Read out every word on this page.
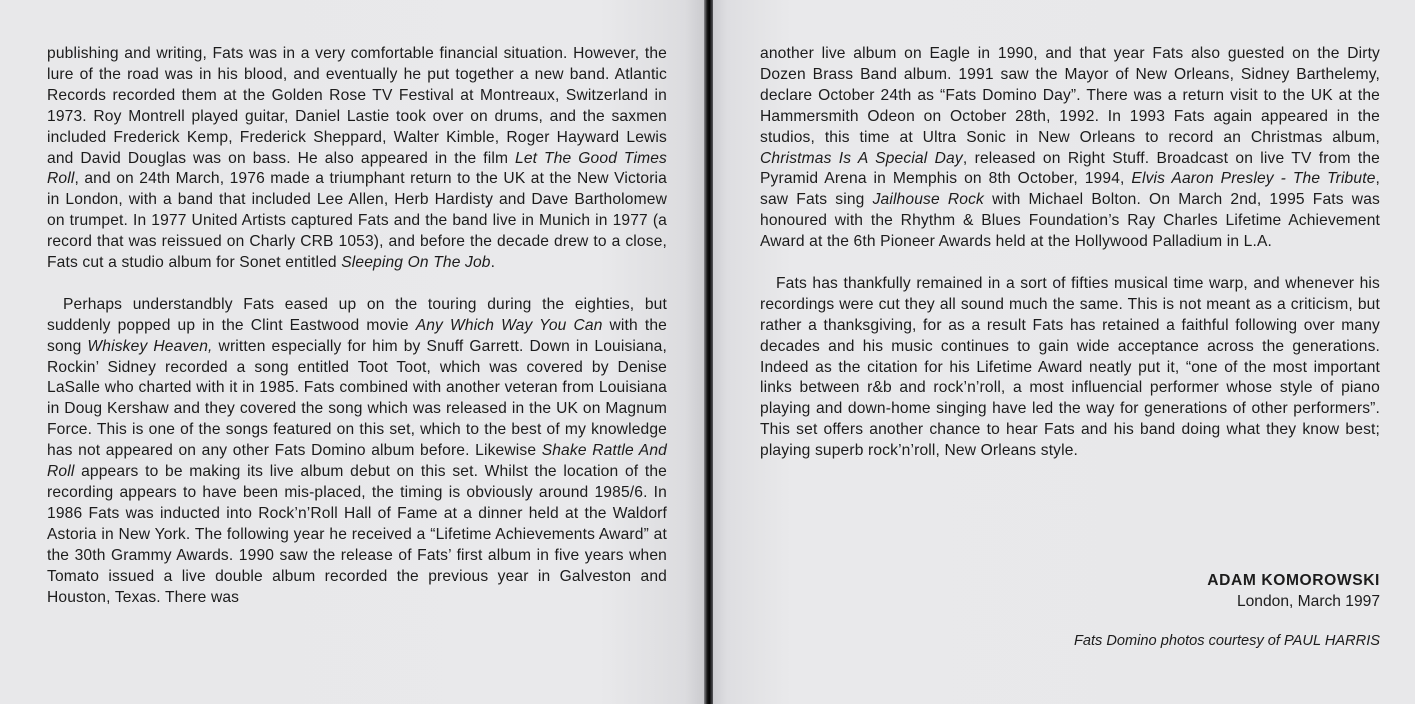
publishing and writing, Fats was in a very comfortable financial situation. However, the lure of the road was in his blood, and eventually he put together a new band. Atlantic Records recorded them at the Golden Rose TV Festival at Montreaux, Switzerland in 1973. Roy Montrell played guitar, Daniel Lastie took over on drums, and the saxmen included Frederick Kemp, Frederick Sheppard, Walter Kimble, Roger Hayward Lewis and David Douglas was on bass. He also appeared in the film Let The Good Times Roll, and on 24th March, 1976 made a triumphant return to the UK at the New Victoria in London, with a band that included Lee Allen, Herb Hardisty and Dave Bartholomew on trumpet. In 1977 United Artists captured Fats and the band live in Munich in 1977 (a record that was reissued on Charly CRB 1053), and before the decade drew to a close, Fats cut a studio album for Sonet entitled Sleeping On The Job.

Perhaps understandbly Fats eased up on the touring during the eighties, but suddenly popped up in the Clint Eastwood movie Any Which Way You Can with the song Whiskey Heaven, written especially for him by Snuff Garrett. Down in Louisiana, Rockin’ Sidney recorded a song entitled Toot Toot, which was covered by Denise LaSalle who charted with it in 1985. Fats combined with another veteran from Louisiana in Doug Kershaw and they covered the song which was released in the UK on Magnum Force. This is one of the songs featured on this set, which to the best of my knowledge has not appeared on any other Fats Domino album before. Likewise Shake Rattle And Roll appears to be making its live album debut on this set. Whilst the location of the recording appears to have been mis-placed, the timing is obviously around 1985/6. In 1986 Fats was inducted into Rock’n’Roll Hall of Fame at a dinner held at the Waldorf Astoria in New York. The following year he received a “Lifetime Achievements Award” at the 30th Grammy Awards. 1990 saw the release of Fats’ first album in five years when Tomato issued a live double album recorded the previous year in Galveston and Houston, Texas. There was

another live album on Eagle in 1990, and that year Fats also guested on the Dirty Dozen Brass Band album. 1991 saw the Mayor of New Orleans, Sidney Barthelemy, declare October 24th as “Fats Domino Day”. There was a return visit to the UK at the Hammersmith Odeon on October 28th, 1992. In 1993 Fats again appeared in the studios, this time at Ultra Sonic in New Orleans to record an Christmas album, Christmas Is A Special Day, released on Right Stuff. Broadcast on live TV from the Pyramid Arena in Memphis on 8th October, 1994, Elvis Aaron Presley - The Tribute, saw Fats sing Jailhouse Rock with Michael Bolton. On March 2nd, 1995 Fats was honoured with the Rhythm & Blues Foundation’s Ray Charles Lifetime Achievement Award at the 6th Pioneer Awards held at the Hollywood Palladium in L.A.

Fats has thankfully remained in a sort of fifties musical time warp, and whenever his recordings were cut they all sound much the same. This is not meant as a criticism, but rather a thanksgiving, for as a result Fats has retained a faithful following over many decades and his music continues to gain wide acceptance across the generations. Indeed as the citation for his Lifetime Award neatly put it, “one of the most important links between r&b and rock’n’roll, a most influencial performer whose style of piano playing and down-home singing have led the way for generations of other performers”. This set offers another chance to hear Fats and his band doing what they know best; playing superb rock’n’roll, New Orleans style.

ADAM KOMOROWSKI
London, March 1997
Fats Domino photos courtesy of PAUL HARRIS
